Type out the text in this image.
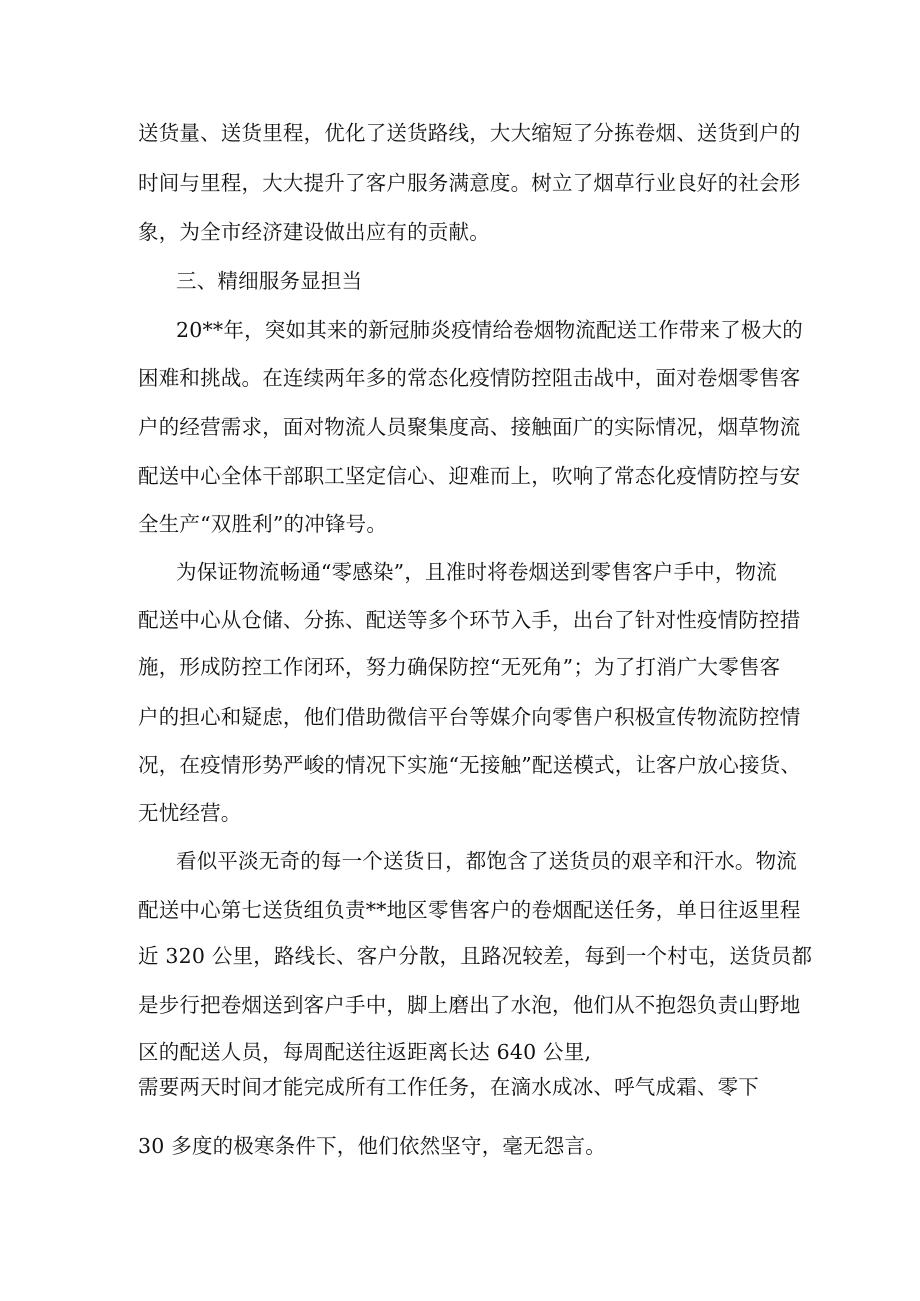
送货量、送货里程，优化了送货路线，大大缩短了分拣卷烟、送货到户的

时间与里程，大大提升了客户服务满意度。树立了烟草行业良好的社会形

象，为全市经济建设做出应有的贡献。

三、精细服务显担当

20**年，突如其来的新冠肺炎疫情给卷烟物流配送工作带来了极大的

困难和挑战。在连续两年多的常态化疫情防控阻击战中，面对卷烟零售客

户的经营需求，面对物流人员聚集度高、接触面广的实际情况，烟草物流

配送中心全体干部职工坚定信心、迎难而上，吹响了常态化疫情防控与安

全生产“双胜利”的冲锋号。

为保证物流畅通“零感染”，且准时将卷烟送到零售客户手中，物流

配送中心从仓储、分拣、配送等多个环节入手，出台了针对性疫情防控措

施，形成防控工作闭环，努力确保防控“无死角”；为了打消广大零售客

户的担心和疑虑，他们借助微信平台等媒介向零售户积极宣传物流防控情

况，在疫情形势严峻的情况下实施“无接触”配送模式，让客户放心接货、

无忧经营。

看似平淡无奇的每一个送货日，都饱含了送货员的艰辛和汗水。物流

配送中心第七送货组负责**地区零售客户的卷烟配送任务，单日往返里程

近 320 公里，路线长、客户分散，且路况较差，每到一个村屯，送货员都

是步行把卷烟送到客户手中，脚上磨出了水泡，他们从不抱怨负责山野地

区的配送人员，每周配送往返距离长达 640 公里,

需要两天时间才能完成所有工作任务，在滴水成冰、呼气成霜、零下

30 多度的极寒条件下，他们依然坚守，毫无怨言。
